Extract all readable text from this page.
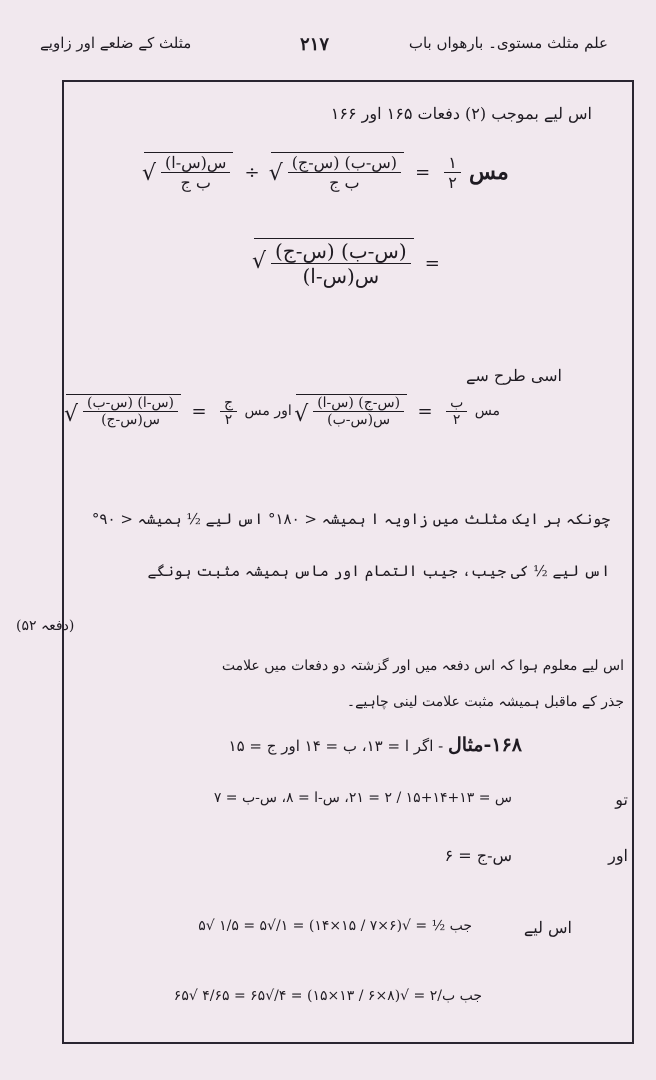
علم مثلث مستوی۔ بارھواں باب
۲۱۷
مثلث کے ضلعے اور زاویے
اس لیے بموجب (۲) دفعات ۱۶۵ اور ۱۶۶
√ $\frac{\text{س(س-ا)}}{\text{ب ج}}$ ÷ √ $\frac{\text{(س-ب) (س-ج)}}{\text{ب ج}} = \frac{۱}{۲}$ مس
√ $\frac{\text{(س-ب) (س-ج)}}{\text{س(س-ا)}}$ =
اسی طرح سے
√ $\frac{\text{(س-ا) (س-ب)}}{\text{س(س-ج)}} = \frac{\text{ج}}{۲}$ اور مس √ $\frac{\text{(س-ج) (س-ا)}}{\text{س(س-ب)}} = \frac{\text{ب}}{۲}$ مس
چونکہ ہر ایک مثلث میں زاویہ ا ہمیشہ < ۱۸۰° اس لیے ½ ہمیشہ < ۹۰°
اس لیے ½ کی جیب، جیب التمام اور ماس ہمیشہ مثبت ہونگے
(دفعہ ۵۲)
اس لیے معلوم ہوا کہ اس دفعہ میں اور گزشتہ دو دفعات میں علامت
جذر کے ماقبل ہمیشہ مثبت علامت لینی چاہیے۔
۱۶۸-مثال - اگر ا = ۱۳، ب = ۱۴ اور ج = ۱۵
تو
س = ۱۳+۱۴+۱۵ / ۲ = ۲۱، س-ا = ۸، س-ب = ۷
اور
س-ج = ۶
اس لیے
جب ½ = √(۶×۷ / ۱۵×۱۴) = ۱/√۵ = ۱/۵ √۵
جب ب/۲ = √(۸×۶ / ۱۳×۱۵) = ۴/√۶۵ = ۴/۶۵ √۶۵
